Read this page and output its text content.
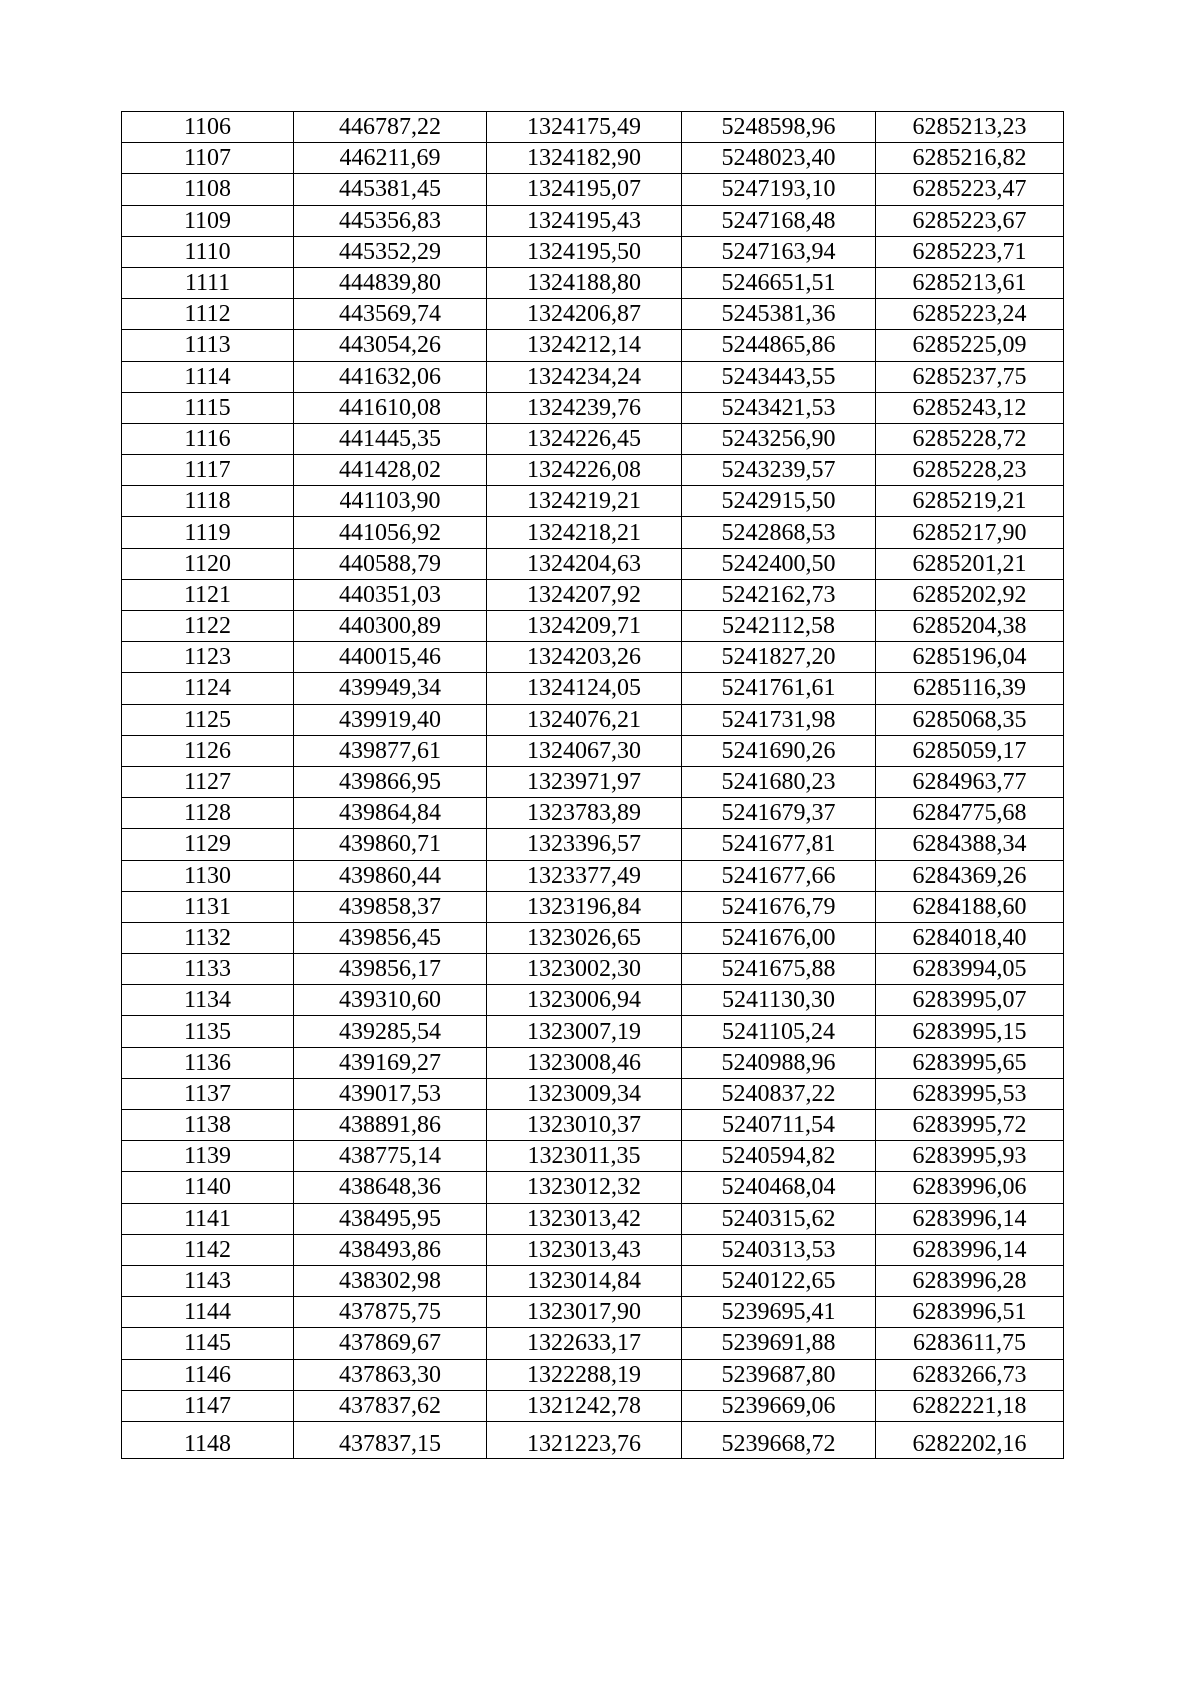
1106	446787,22	1324175,49	5248598,96	6285213,23
1107	446211,69	1324182,90	5248023,40	6285216,82
1108	445381,45	1324195,07	5247193,10	6285223,47
1109	445356,83	1324195,43	5247168,48	6285223,67
1110	445352,29	1324195,50	5247163,94	6285223,71
1111	444839,80	1324188,80	5246651,51	6285213,61
1112	443569,74	1324206,87	5245381,36	6285223,24
1113	443054,26	1324212,14	5244865,86	6285225,09
1114	441632,06	1324234,24	5243443,55	6285237,75
1115	441610,08	1324239,76	5243421,53	6285243,12
1116	441445,35	1324226,45	5243256,90	6285228,72
1117	441428,02	1324226,08	5243239,57	6285228,23
1118	441103,90	1324219,21	5242915,50	6285219,21
1119	441056,92	1324218,21	5242868,53	6285217,90
1120	440588,79	1324204,63	5242400,50	6285201,21
1121	440351,03	1324207,92	5242162,73	6285202,92
1122	440300,89	1324209,71	5242112,58	6285204,38
1123	440015,46	1324203,26	5241827,20	6285196,04
1124	439949,34	1324124,05	5241761,61	6285116,39
1125	439919,40	1324076,21	5241731,98	6285068,35
1126	439877,61	1324067,30	5241690,26	6285059,17
1127	439866,95	1323971,97	5241680,23	6284963,77
1128	439864,84	1323783,89	5241679,37	6284775,68
1129	439860,71	1323396,57	5241677,81	6284388,34
1130	439860,44	1323377,49	5241677,66	6284369,26
1131	439858,37	1323196,84	5241676,79	6284188,60
1132	439856,45	1323026,65	5241676,00	6284018,40
1133	439856,17	1323002,30	5241675,88	6283994,05
1134	439310,60	1323006,94	5241130,30	6283995,07
1135	439285,54	1323007,19	5241105,24	6283995,15
1136	439169,27	1323008,46	5240988,96	6283995,65
1137	439017,53	1323009,34	5240837,22	6283995,53
1138	438891,86	1323010,37	5240711,54	6283995,72
1139	438775,14	1323011,35	5240594,82	6283995,93
1140	438648,36	1323012,32	5240468,04	6283996,06
1141	438495,95	1323013,42	5240315,62	6283996,14
1142	438493,86	1323013,43	5240313,53	6283996,14
1143	438302,98	1323014,84	5240122,65	6283996,28
1144	437875,75	1323017,90	5239695,41	6283996,51
1145	437869,67	1322633,17	5239691,88	6283611,75
1146	437863,30	1322288,19	5239687,80	6283266,73
1147	437837,62	1321242,78	5239669,06	6282221,18
1148	437837,15	1321223,76	5239668,72	6282202,16
